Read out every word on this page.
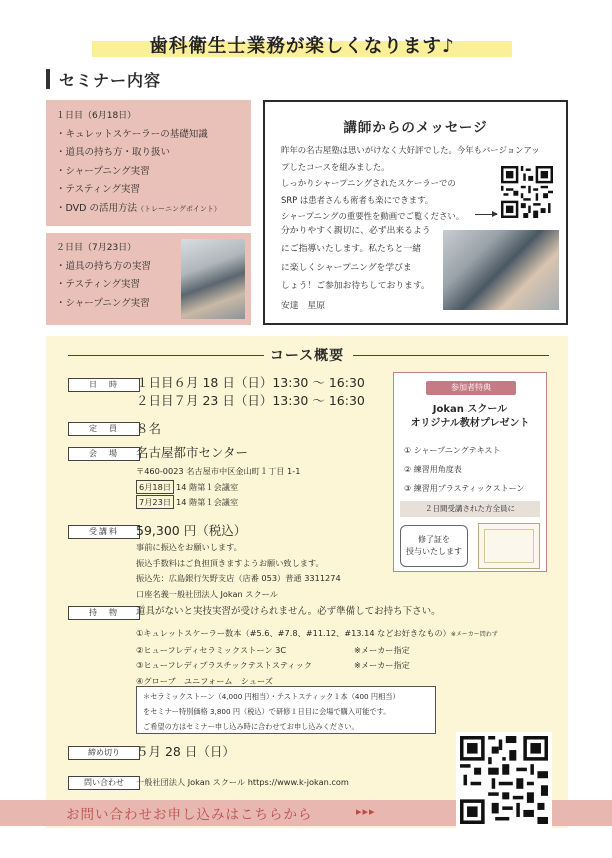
歯科衛生士業務が楽しくなります♪
セミナー内容
１日目（6月18日）
・キュレットスケーラーの基礎知識
・道具の持ち方・取り扱い
・シャープニング実習
・テスティング実習
・DVD の活用方法（トレーニングポイント）
２日目（7月23日）
・道具の持ち方の実習
・テスティング実習
・シャープニング実習
講師からのメッセージ
昨年の名古屋塾は思いがけなく大好評でした。今年もバージョンアッ
プしたコースを組みました。
しっかりシャープニングされたスケーラーでの
SRP は患者さんも術者も楽にできます。
シャープニングの重要性を動画でご覧ください。
分かりやすく親切に、必ず出来るよう
にご指導いたします。私たちと一緒
に楽しくシャープニングを学びま
しょう！ご参加お待ちしております。
安達　星原
コース概要
日　時	１日目６月 18 日（日）13:30 ～ 16:30
２日目７月 23 日（日）13:30 ～ 16:30
定　員	８名
会　場	名古屋都市センター
〒460-0023 名古屋市中区金山町１丁目 1-1
6月18日 14 階第１会議室
7月23日 14 階第１会議室
受講料	59,300 円（税込）
事前に振込をお願いします。
振込手数料はご負担頂きますようお願い致します。
振込先：広島銀行矢野支店（店番 053）普通 3311274
口座名義一般社団法人 Jokan スクール
持　物	道具がないと実技実習が受けられません。必ず準備してお持ち下さい。
①キュレットスケーラー数本（#5.6、#7.8、#11.12、#13.14 などお好きなもの）※メーカー問わず
②ヒューフレディセラミックストーン 3C	※メーカー指定
③ヒューフレディプラスチックテストスティック	※メーカー指定
④グローブ　ユニフォーム　シューズ
＊セラミックストーン（4,000 円相当）・テストスティック１本（400 円相当）
をセミナー特別価格 3,800 円（税込）で研修１日目に会場で購入可能です。
ご希望の方はセミナー申し込み時に合わせてお申し込みください。
締め切り	５月 28 日（日）
問い合わせ	一般社団法人 Jokan スクール https://www.k-jokan.com
参加者特典
Jokan スクール
オリジナル教材プレゼント
① シャープニングテキスト
② 練習用角度表
③ 練習用プラスティックストーン
２日間受講された方全員に
修了証を
授与いたします
お問い合わせお申し込みはこちらから	▸▸▸
